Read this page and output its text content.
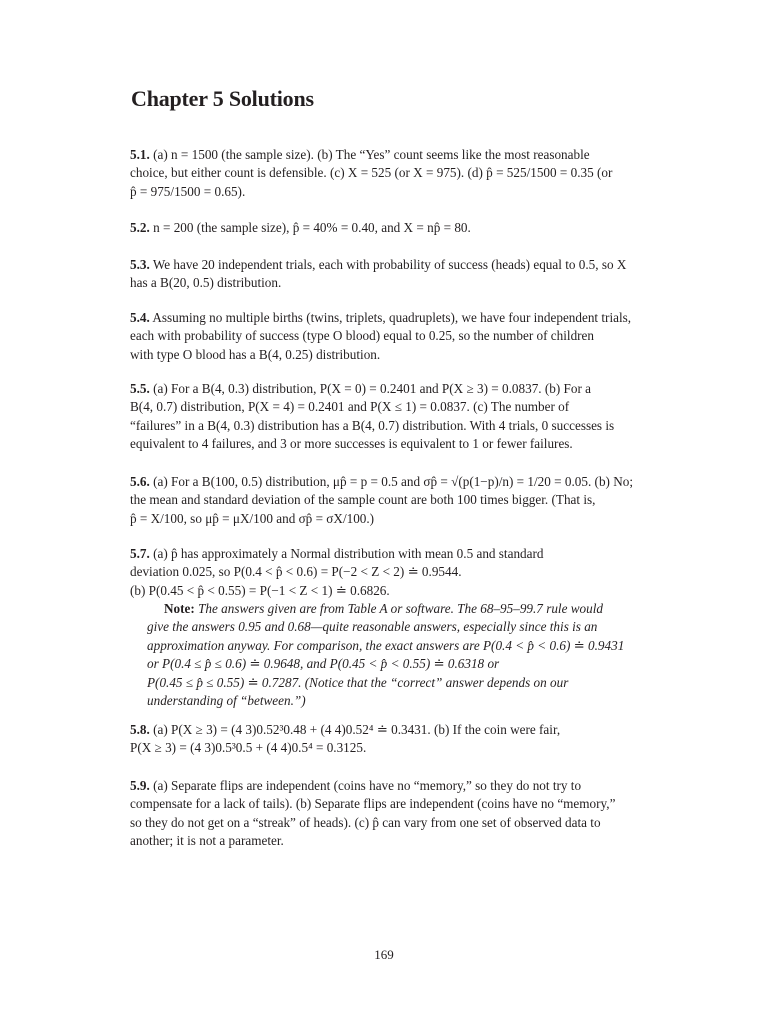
Chapter 5 Solutions
5.1. (a) n = 1500 (the sample size). (b) The “Yes” count seems like the most reasonable
choice, but either count is defensible. (c) X = 525 (or X = 975). (d) p̂ = 525/1500 = 0.35 (or
p̂ = 975/1500 = 0.65).
5.2. n = 200 (the sample size), p̂ = 40% = 0.40, and X = np̂ = 80.
5.3. We have 20 independent trials, each with probability of success (heads) equal to 0.5, so X
has a B(20, 0.5) distribution.
5.4. Assuming no multiple births (twins, triplets, quadruplets), we have four independent trials,
each with probability of success (type O blood) equal to 0.25, so the number of children
with type O blood has a B(4, 0.25) distribution.
5.5. (a) For a B(4, 0.3) distribution, P(X = 0) = 0.2401 and P(X ≥ 3) = 0.0837. (b) For a
B(4, 0.7) distribution, P(X = 4) = 0.2401 and P(X ≤ 1) = 0.0837. (c) The number of
“failures” in a B(4, 0.3) distribution has a B(4, 0.7) distribution. With 4 trials, 0 successes is
equivalent to 4 failures, and 3 or more successes is equivalent to 1 or fewer failures.
5.6. (a) For a B(100, 0.5) distribution, μp̂ = p = 0.5 and σp̂ = √(p(1−p)/n) = 1/20 = 0.05. (b) No;
the mean and standard deviation of the sample count are both 100 times bigger. (That is,
p̂ = X/100, so μp̂ = μX/100 and σp̂ = σX/100.)
5.7. (a) p̂ has approximately a Normal distribution with mean 0.5 and standard
deviation 0.025, so P(0.4 < p̂ < 0.6) = P(−2 < Z < 2) ≐ 0.9544.
(b) P(0.45 < p̂ < 0.55) = P(−1 < Z < 1) ≐ 0.6826.
Note: The answers given are from Table A or software. The 68–95–99.7 rule would
give the answers 0.95 and 0.68—quite reasonable answers, especially since this is an
approximation anyway. For comparison, the exact answers are P(0.4 < p̂ < 0.6) ≐ 0.9431
or P(0.4 ≤ p̂ ≤ 0.6) ≐ 0.9648, and P(0.45 < p̂ < 0.55) ≐ 0.6318 or
P(0.45 ≤ p̂ ≤ 0.55) ≐ 0.7287. (Notice that the “correct” answer depends on our
understanding of “between.”)
5.8. (a) P(X ≥ 3) = (4 3)0.52³0.48 + (4 4)0.52⁴ ≐ 0.3431. (b) If the coin were fair,
P(X ≥ 3) = (4 3)0.5³0.5 + (4 4)0.5⁴ = 0.3125.
5.9. (a) Separate flips are independent (coins have no “memory,” so they do not try to
compensate for a lack of tails). (b) Separate flips are independent (coins have no “memory,”
so they do not get on a “streak” of heads). (c) p̂ can vary from one set of observed data to
another; it is not a parameter.
169
